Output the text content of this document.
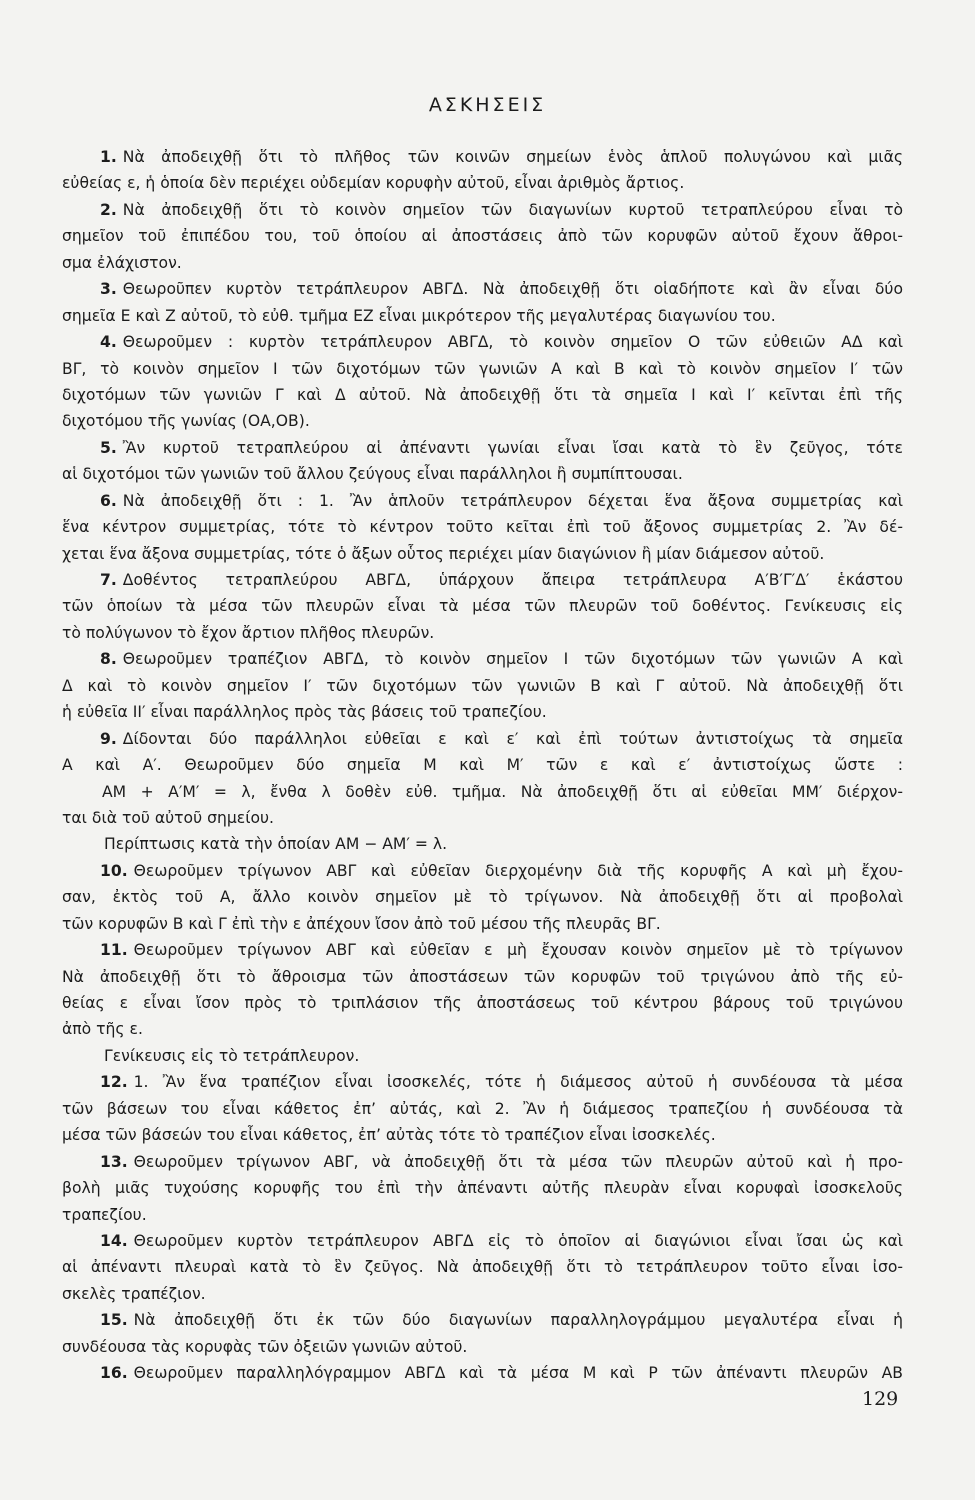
ΑΣΚΗΣΕΙΣ
1. Νὰ ἀποδειχθῇ ὅτι τὸ πλῆθος τῶν κοινῶν σημείων ἑνὸς ἁπλοῦ πολυγώνου καὶ μιᾶς
εὐθείας ε, ἡ ὁποία δὲν περιέχει οὐδεμίαν κορυφὴν αὐτοῦ, εἶναι ἀριθμὸς ἄρτιος.
2. Νὰ ἀποδειχθῇ ὅτι τὸ κοινὸν σημεῖον τῶν διαγωνίων κυρτοῦ τετραπλεύρου εἶναι τὸ
σημεῖον τοῦ ἐπιπέδου του, τοῦ ὁποίου αἱ ἀποστάσεις ἀπὸ τῶν κορυφῶν αὐτοῦ ἔχουν ἄθροι-
σμα ἐλάχιστον.
3. Θεωροῦπεν κυρτὸν τετράπλευρον ΑΒΓΔ. Νὰ ἀποδειχθῇ ὅτι οἱαδήποτε καὶ ἂν εἶναι δύο
σημεῖα Ε καὶ Ζ αὐτοῦ, τὸ εὐθ. τμῆμα ΕΖ εἶναι μικρότερον τῆς μεγαλυτέρας διαγωνίου του.
4. Θεωροῦμεν : κυρτὸν τετράπλευρον ΑΒΓΔ, τὸ κοινὸν σημεῖον Ο τῶν εὐθειῶν ΑΔ καὶ
ΒΓ, τὸ κοινὸν σημεῖον Ι τῶν διχοτόμων τῶν γωνιῶν Α καὶ Β καὶ τὸ κοινὸν σημεῖον Ι′ τῶν
διχοτόμων τῶν γωνιῶν Γ καὶ Δ αὐτοῦ. Νὰ ἀποδειχθῇ ὅτι τὰ σημεῖα Ι καὶ Ι′ κεῖνται ἐπὶ τῆς
διχοτόμου τῆς γωνίας (ΟΑ,ΟΒ).
5. Ἂν κυρτοῦ τετραπλεύρου αἱ ἀπέναντι γωνίαι εἶναι ἴσαι κατὰ τὸ ἓν ζεῦγος, τότε
αἱ διχοτόμοι τῶν γωνιῶν τοῦ ἄλλου ζεύγους εἶναι παράλληλοι ἢ συμπίπτουσαι.
6. Νὰ ἀποδειχθῇ ὅτι : 1. Ἂν ἁπλοῦν τετράπλευρον δέχεται ἕνα ἄξονα συμμετρίας καὶ
ἕνα κέντρον συμμετρίας, τότε τὸ κέντρον τοῦτο κεῖται ἐπὶ τοῦ ἄξονος συμμετρίας 2. Ἂν δέ-
χεται ἕνα ἄξονα συμμετρίας, τότε ὁ ἄξων οὗτος περιέχει μίαν διαγώνιον ἢ μίαν διάμεσον αὐτοῦ.
7. Δοθέντος τετραπλεύρου ΑΒΓΔ, ὑπάρχουν ἄπειρα τετράπλευρα Α′Β′Γ′Δ′ ἑκάστου
τῶν ὁποίων τὰ μέσα τῶν πλευρῶν εἶναι τὰ μέσα τῶν πλευρῶν τοῦ δοθέντος. Γενίκευσις εἰς
τὸ πολύγωνον τὸ ἔχον ἄρτιον πλῆθος πλευρῶν.
8. Θεωροῦμεν τραπέζιον ΑΒΓΔ, τὸ κοινὸν σημεῖον Ι τῶν διχοτόμων τῶν γωνιῶν Α καὶ
Δ καὶ τὸ κοινὸν σημεῖον Ι′ τῶν διχοτόμων τῶν γωνιῶν Β καὶ Γ αὐτοῦ. Νὰ ἀποδειχθῇ ὅτι
ἡ εὐθεῖα ΙΙ′ εἶναι παράλληλος πρὸς τὰς βάσεις τοῦ τραπεζίου.
9. Δίδονται δύο παράλληλοι εὐθεῖαι ε καὶ ε′ καὶ ἐπὶ τούτων ἀντιστοίχως τὰ σημεῖα
Α καὶ Α′. Θεωροῦμεν δύο σημεῖα Μ καὶ Μ′ τῶν ε καὶ ε′ ἀντιστοίχως ὥστε :
ΑΜ + Α′Μ′ = λ, ἔνθα λ δοθὲν εὐθ. τμῆμα. Νὰ ἀποδειχθῇ ὅτι αἱ εὐθεῖαι ΜΜ′ διέρχον-
ται διὰ τοῦ αὐτοῦ σημείου.
Περίπτωσις κατὰ τὴν ὁποίαν ΑΜ − ΑΜ′ = λ.
10. Θεωροῦμεν τρίγωνον ΑΒΓ καὶ εὐθεῖαν διερχομένην διὰ τῆς κορυφῆς Α καὶ μὴ ἔχου-
σαν, ἐκτὸς τοῦ Α, ἄλλο κοινὸν σημεῖον μὲ τὸ τρίγωνον. Νὰ ἀποδειχθῇ ὅτι αἱ προβολαὶ
τῶν κορυφῶν Β καὶ Γ ἐπὶ τὴν ε ἀπέχουν ἴσον ἀπὸ τοῦ μέσου τῆς πλευρᾶς ΒΓ.
11. Θεωροῦμεν τρίγωνον ΑΒΓ καὶ εὐθεῖαν ε μὴ ἔχουσαν κοινὸν σημεῖον μὲ τὸ τρίγωνον
Νὰ ἀποδειχθῇ ὅτι τὸ ἄθροισμα τῶν ἀποστάσεων τῶν κορυφῶν τοῦ τριγώνου ἀπὸ τῆς εὐ-
θείας ε εἶναι ἴσον πρὸς τὸ τριπλάσιον τῆς ἀποστάσεως τοῦ κέντρου βάρους τοῦ τριγώνου
ἀπὸ τῆς ε.
Γενίκευσις εἰς τὸ τετράπλευρον.
12. 1. Ἂν ἕνα τραπέζιον εἶναι ἰσοσκελές, τότε ἡ διάμεσος αὐτοῦ ἡ συνδέουσα τὰ μέσα
τῶν βάσεων του εἶναι κάθετος ἐπ’ αὐτάς, καὶ 2. Ἂν ἡ διάμεσος τραπεζίου ἡ συνδέουσα τὰ
μέσα τῶν βάσεών του εἶναι κάθετος, ἐπ’ αὐτὰς τότε τὸ τραπέζιον εἶναι ἰσοσκελές.
13. Θεωροῦμεν τρίγωνον ΑΒΓ, νὰ ἀποδειχθῇ ὅτι τὰ μέσα τῶν πλευρῶν αὐτοῦ καὶ ἡ προ-
βολὴ μιᾶς τυχούσης κορυφῆς του ἐπὶ τὴν ἀπέναντι αὐτῆς πλευρὰν εἶναι κορυφαὶ ἰσοσκελοῦς
τραπεζίου.
14. Θεωροῦμεν κυρτὸν τετράπλευρον ΑΒΓΔ εἰς τὸ ὁποῖον αἱ διαγώνιοι εἶναι ἴσαι ὡς καὶ
αἱ ἀπέναντι πλευραὶ κατὰ τὸ ἓν ζεῦγος. Νὰ ἀποδειχθῇ ὅτι τὸ τετράπλευρον τοῦτο εἶναι ἰσο-
σκελὲς τραπέζιον.
15. Νὰ ἀποδειχθῇ ὅτι ἐκ τῶν δύο διαγωνίων παραλληλογράμμου μεγαλυτέρα εἶναι ἡ
συνδέουσα τὰς κορυφὰς τῶν ὀξειῶν γωνιῶν αὐτοῦ.
16. Θεωροῦμεν παραλληλόγραμμον ΑΒΓΔ καὶ τὰ μέσα Μ καὶ Ρ τῶν ἀπέναντι πλευρῶν ΑΒ
129
